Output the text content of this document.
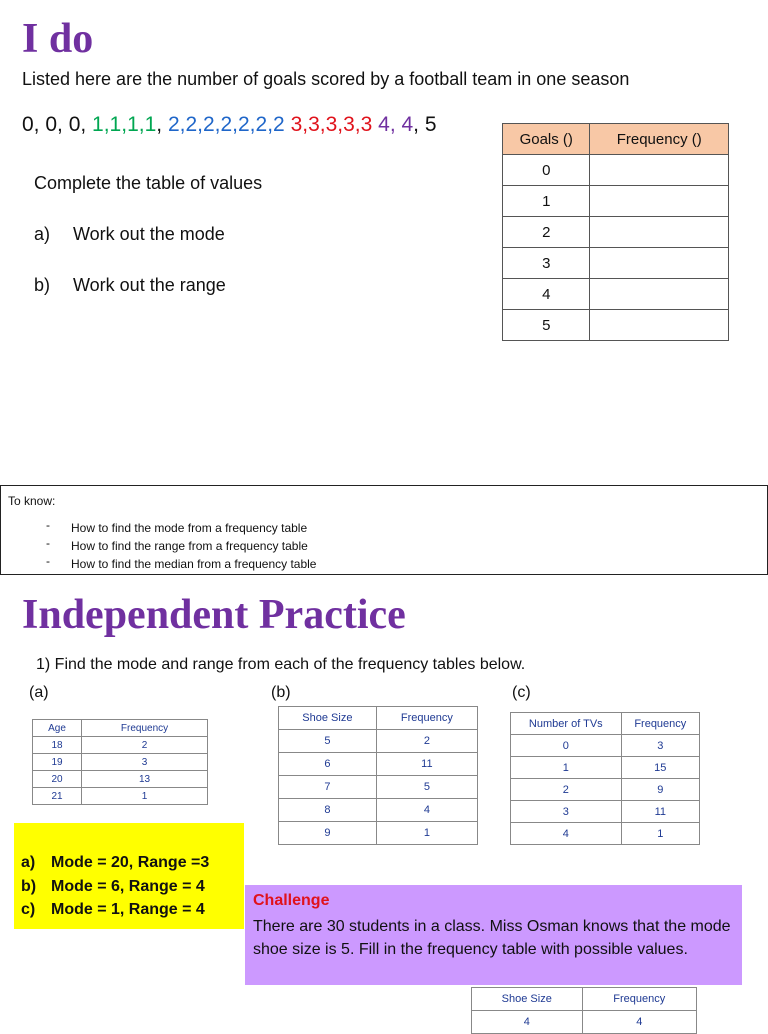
I do
Listed here are the number of goals scored by a football team in one season
0, 0, 0, 1,1,1,1, 2,2,2,2,2,2,2 3,3,3,3,3 4, 4, 5
Complete the table of values
a) Work out the mode
b) Work out the range
Goals ()	Frequency ()
0	
1	
2	
3	
4	
5	
To know:
- How to find the mode from a frequency table
- How to find the range from a frequency table
- How to find the median from a frequency table
Independent Practice
1) Find the mode and range from each of the frequency tables below.
(a)	(b)	(c)
Age	Frequency
18	2
19	3
20	13
21	1
Shoe Size	Frequency
5	2
6	11
7	5
8	4
9	1
Number of TVs	Frequency
0	3
1	15
2	9
3	11
4	1
a) Mode = 20, Range =3
b) Mode = 6, Range = 4
c) Mode = 1, Range = 4
Challenge
There are 30 students in a class. Miss Osman knows that the mode shoe size is 5. Fill in the frequency table with possible values.
Shoe Size	Frequency
4	4
